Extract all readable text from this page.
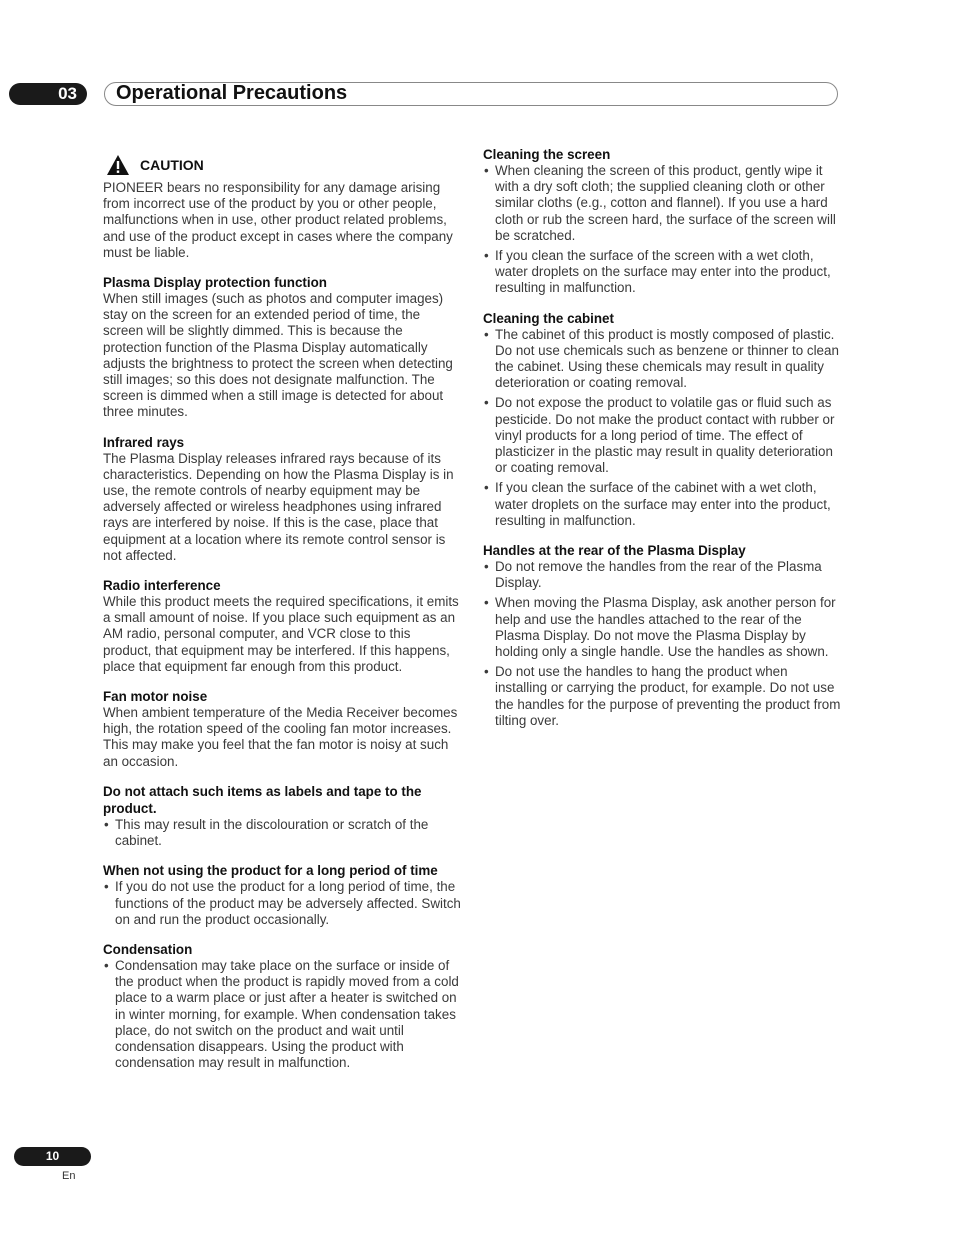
03	Operational Precautions
CAUTION

PIONEER bears no responsibility for any damage arising from incorrect use of the product by you or other people, malfunctions when in use, other product related problems, and use of the product except in cases where the company must be liable.

Plasma Display protection function

When still images (such as photos and computer images) stay on the screen for an extended period of time, the screen will be slightly dimmed. This is because the protection function of the Plasma Display automatically adjusts the brightness to protect the screen when detecting still images; so this does not designate malfunction. The screen is dimmed when a still image is detected for about three minutes.

Infrared rays

The Plasma Display releases infrared rays because of its characteristics. Depending on how the Plasma Display is in use, the remote controls of nearby equipment may be adversely affected or wireless headphones using infrared rays are interfered by noise. If this is the case, place that equipment at a location where its remote control sensor is not affected.

Radio interference

While this product meets the required specifications, it emits a small amount of noise. If you place such equipment as an AM radio, personal computer, and VCR close to this product, that equipment may be interfered. If this happens, place that equipment far enough from this product.

Fan motor noise

When ambient temperature of the Media Receiver becomes high, the rotation speed of the cooling fan motor increases. This may make you feel that the fan motor is noisy at such an occasion.

Do not attach such items as labels and tape to the product.
• This may result in the discolouration or scratch of the cabinet.
When not using the product for a long period of time
• If you do not use the product for a long period of time, the functions of the product may be adversely affected. Switch on and run the product occasionally.
Condensation
• Condensation may take place on the surface or inside of the product when the product is rapidly moved from a cold place to a warm place or just after a heater is switched on in winter morning, for example. When condensation takes place, do not switch on the product and wait until condensation disappears. Using the product with condensation may result in malfunction.
Cleaning the screen
• When cleaning the screen of this product, gently wipe it with a dry soft cloth; the supplied cleaning cloth or other similar cloths (e.g., cotton and flannel). If you use a hard cloth or rub the screen hard, the surface of the screen will be scratched.
• If you clean the surface of the screen with a wet cloth, water droplets on the surface may enter into the product, resulting in malfunction.
Cleaning the cabinet
• The cabinet of this product is mostly composed of plastic. Do not use chemicals such as benzene or thinner to clean the cabinet. Using these chemicals may result in quality deterioration or coating removal.
• Do not expose the product to volatile gas or fluid such as pesticide. Do not make the product contact with rubber or vinyl products for a long period of time. The effect of plasticizer in the plastic may result in quality deterioration or coating removal.
• If you clean the surface of the cabinet with a wet cloth, water droplets on the surface may enter into the product, resulting in malfunction.
Handles at the rear of the Plasma Display
• Do not remove the handles from the rear of the Plasma Display.
• When moving the Plasma Display, ask another person for help and use the handles attached to the rear of the Plasma Display. Do not move the Plasma Display by holding only a single handle. Use the handles as shown.
• Do not use the handles to hang the product when installing or carrying the product, for example. Do not use the handles for the purpose of preventing the product from tilting over.
10
En
